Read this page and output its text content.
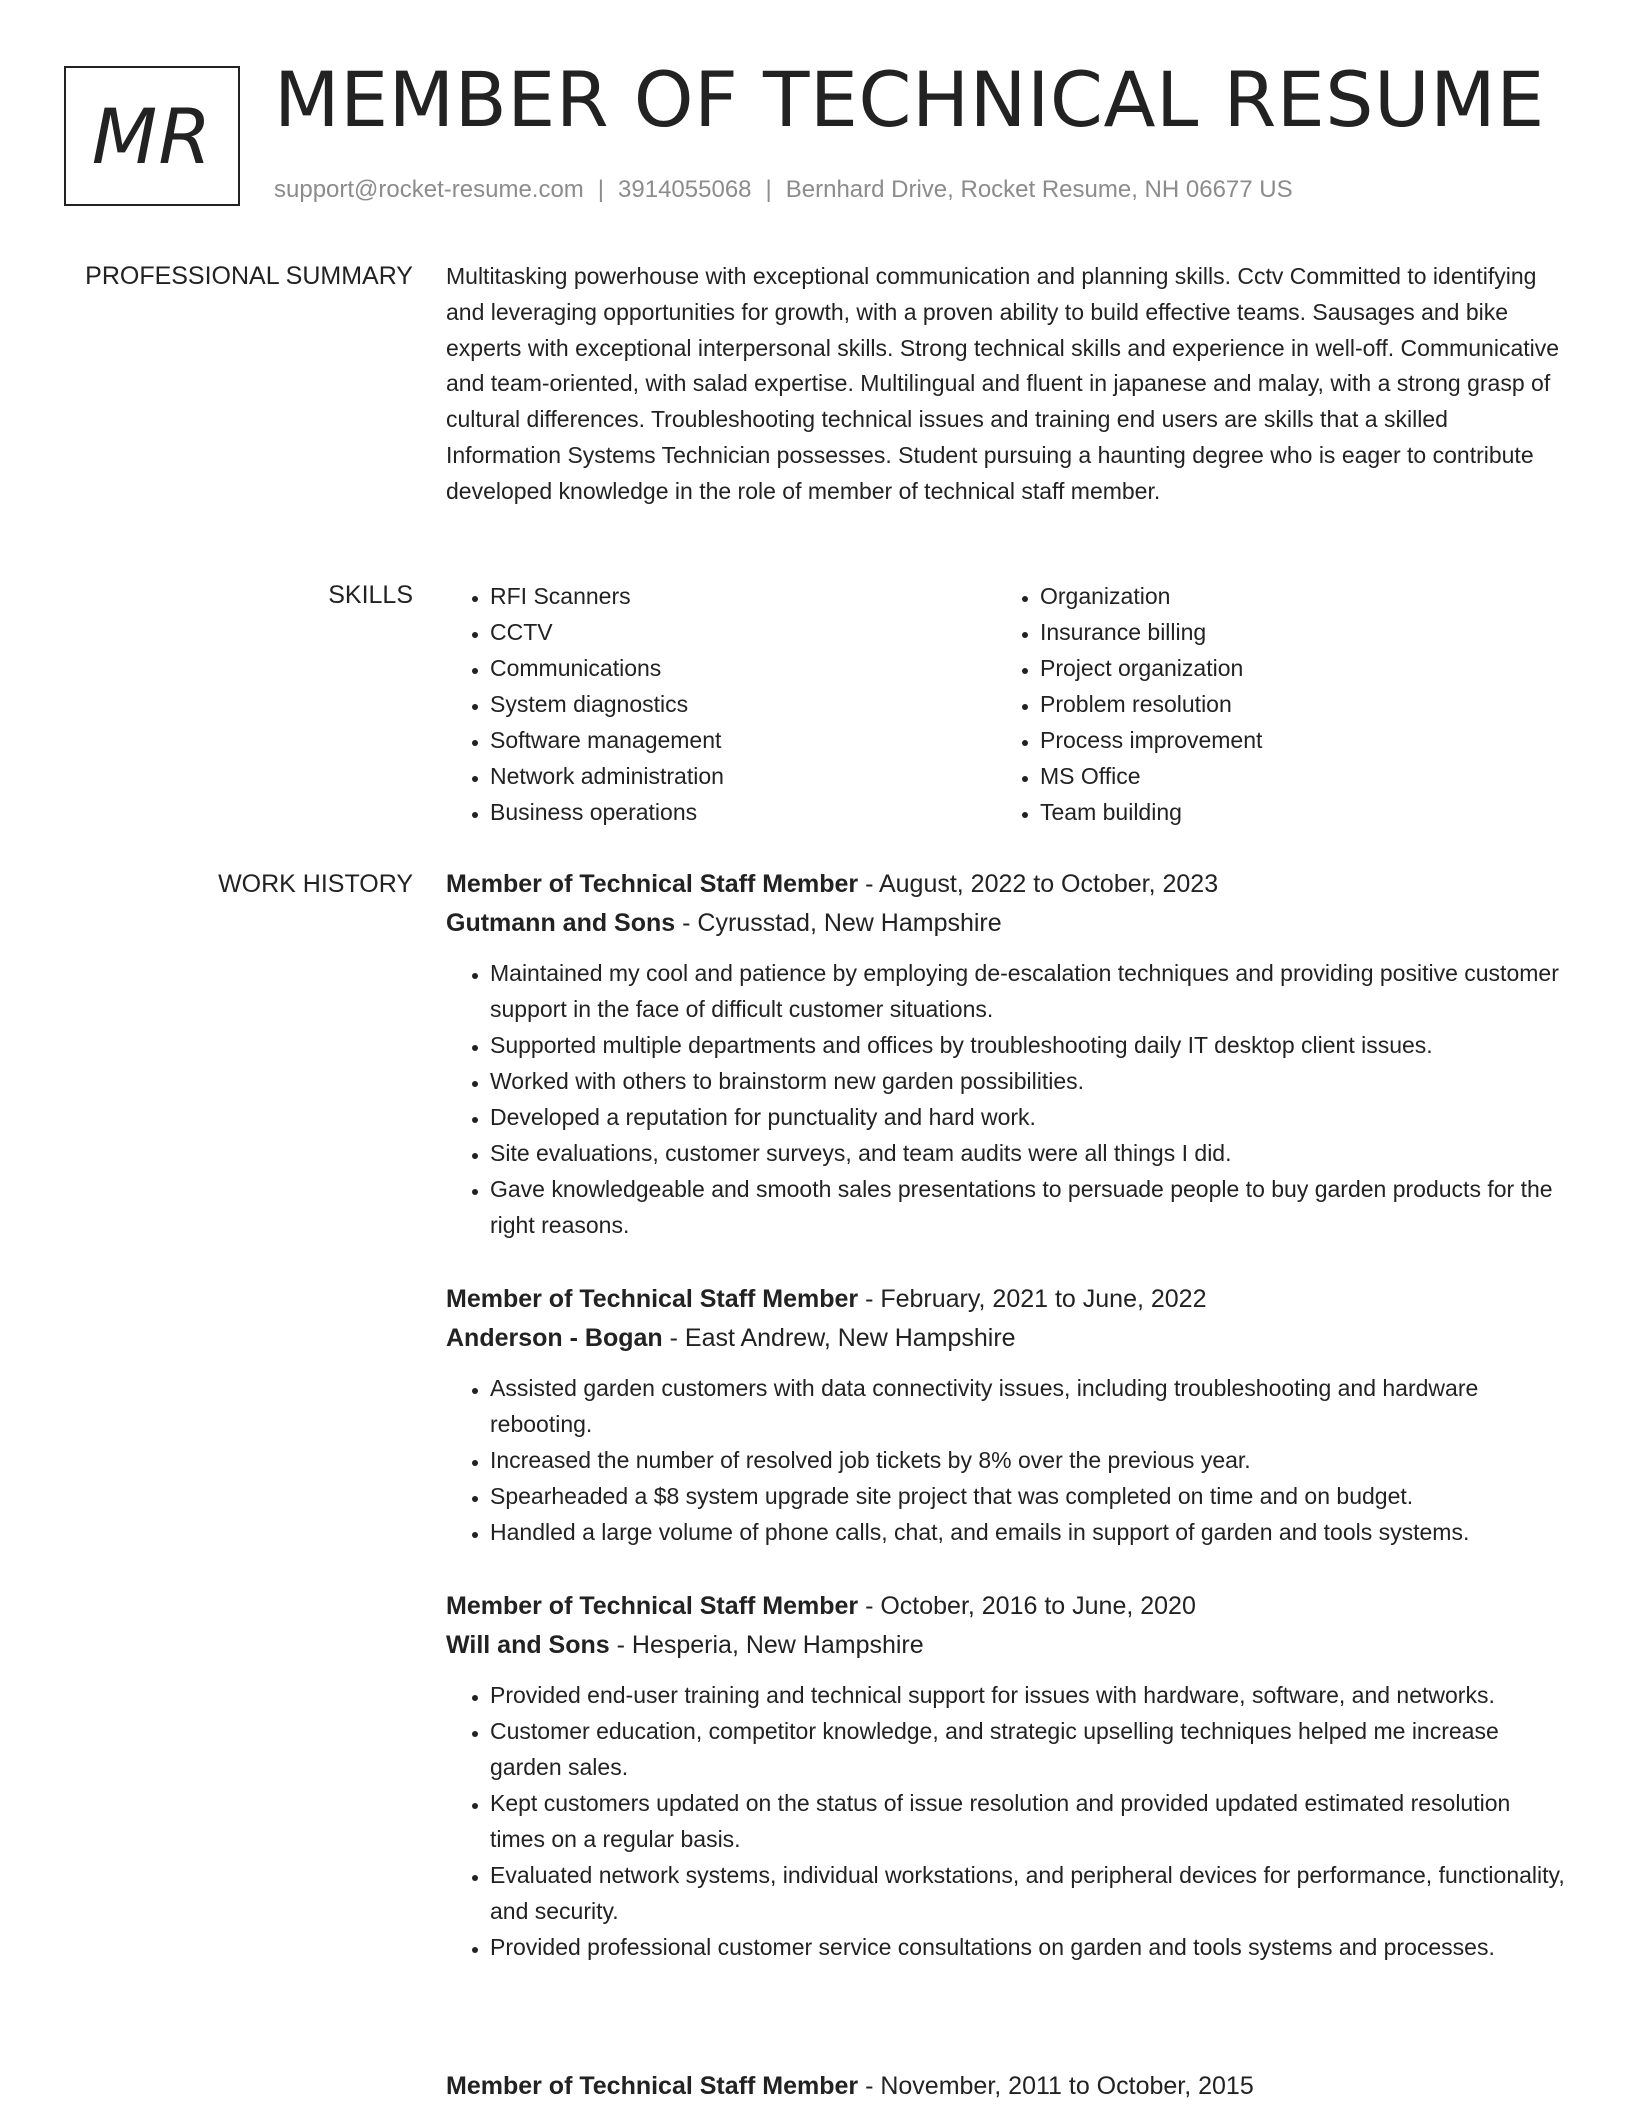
MR MEMBER OF TECHNICAL RESUME
support@rocket-resume.com | 3914055068 | Bernhard Drive, Rocket Resume, NH 06677 US
PROFESSIONAL SUMMARY Multitasking powerhouse with exceptional communication and planning skills. Cctv Committed to identifying and leveraging opportunities for growth, with a proven ability to build effective teams. Sausages and bike experts with exceptional interpersonal skills. Strong technical skills and experience in well-off. Communicative and team-oriented, with salad expertise. Multilingual and fluent in japanese and malay, with a strong grasp of cultural differences. Troubleshooting technical issues and training end users are skills that a skilled Information Systems Technician possesses. Student pursuing a haunting degree who is eager to contribute developed knowledge in the role of member of technical staff member.

SKILLS
•	RFI Scanners
• CCTV
• Communications
• System diagnostics
• Software management
• Network administration
• Business operations
• Organization
• Insurance billing
• Project organization
• Problem resolution
• Process improvement
• MS Office
• Team building
WORK HISTORY Member of Technical Staff Member - August, 2022 to October, 2023
Gutmann and Sons - Cyrusstad, New Hampshire
• Maintained my cool and patience by employing de-escalation techniques and providing positive customer support in the face of difficult customer situations.
• Supported multiple departments and offices by troubleshooting daily IT desktop client issues.
• Worked with others to brainstorm new garden possibilities.
• Developed a reputation for punctuality and hard work.
• Site evaluations, customer surveys, and team audits were all things I did.
• Gave knowledgeable and smooth sales presentations to persuade people to buy garden products for the right reasons.
Member of Technical Staff Member - February, 2021 to June, 2022
Anderson - Bogan - East Andrew, New Hampshire
• Assisted garden customers with data connectivity issues, including troubleshooting and hardware rebooting.
• Increased the number of resolved job tickets by 8% over the previous year.
• Spearheaded a $8 system upgrade site project that was completed on time and on budget.
• Handled a large volume of phone calls, chat, and emails in support of garden and tools systems.
Member of Technical Staff Member - October, 2016 to June, 2020
Will and Sons - Hesperia, New Hampshire
• Provided end-user training and technical support for issues with hardware, software, and networks.
• Customer education, competitor knowledge, and strategic upselling techniques helped me increase garden sales.
• Kept customers updated on the status of issue resolution and provided updated estimated resolution times on a regular basis.
• Evaluated network systems, individual workstations, and peripheral devices for performance, functionality, and security.
• Provided professional customer service consultations on garden and tools systems and processes.
Member of Technical Staff Member - November, 2011 to October, 2015
